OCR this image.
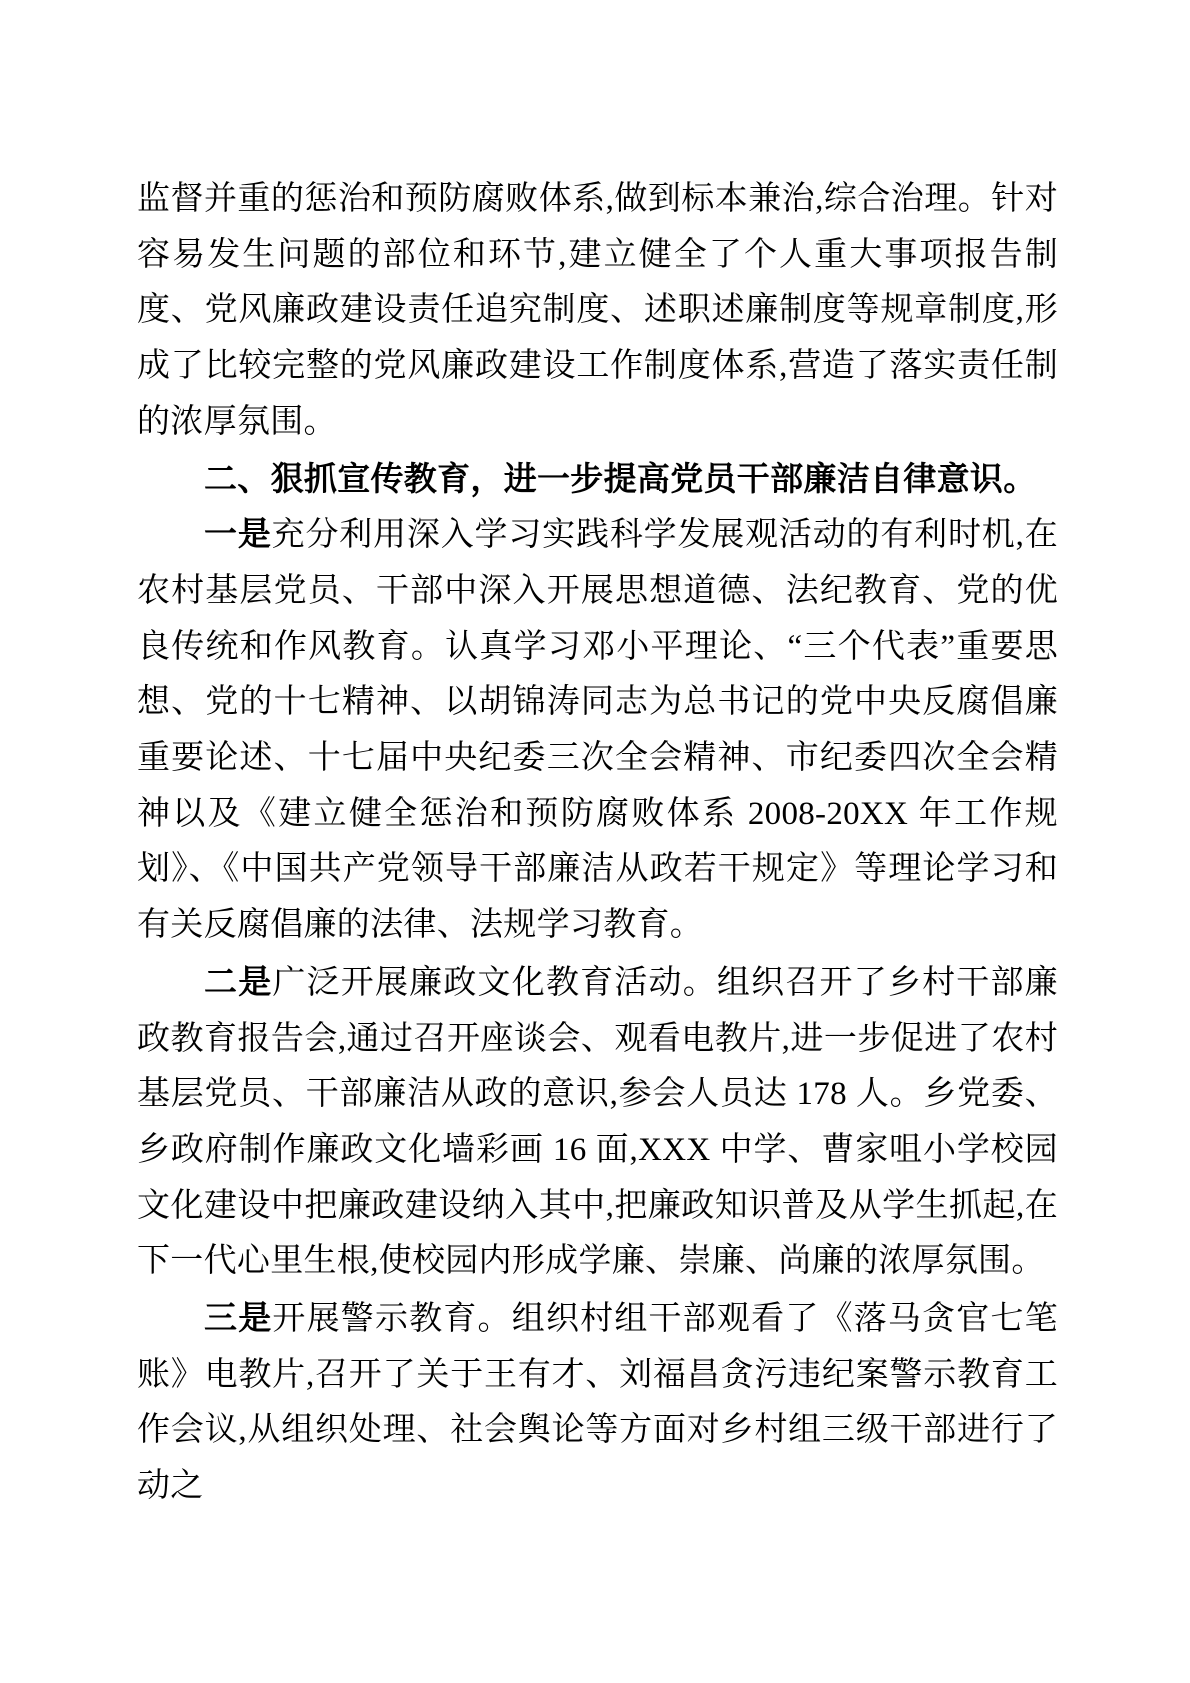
监督并重的惩治和预防腐败体系,做到标本兼治,综合治理。针对容易发生问题的部位和环节,建立健全了个人重大事项报告制度、党风廉政建设责任追究制度、述职述廉制度等规章制度,形成了比较完整的党风廉政建设工作制度体系,营造了落实责任制的浓厚氛围。

二、狠抓宣传教育，进一步提高党员干部廉洁自律意识。

一是充分利用深入学习实践科学发展观活动的有利时机,在农村基层党员、干部中深入开展思想道德、法纪教育、党的优良传统和作风教育。认真学习邓小平理论、“三个代表”重要思想、党的十七精神、以胡锦涛同志为总书记的党中央反腐倡廉重要论述、十七届中央纪委三次全会精神、市纪委四次全会精神以及《建立健全惩治和预防腐败体系 2008-20XX 年工作规划》、《中国共产党领导干部廉洁从政若干规定》等理论学习和有关反腐倡廉的法律、法规学习教育。

二是广泛开展廉政文化教育活动。组织召开了乡村干部廉政教育报告会,通过召开座谈会、观看电教片,进一步促进了农村基层党员、干部廉洁从政的意识,参会人员达 178 人。乡党委、乡政府制作廉政文化墙彩画 16 面,XXX 中学、曹家咀小学校园文化建设中把廉政建设纳入其中,把廉政知识普及从学生抓起,在下一代心里生根,使校园内形成学廉、崇廉、尚廉的浓厚氛围。

三是开展警示教育。组织村组干部观看了《落马贪官七笔账》电教片,召开了关于王有才、刘福昌贪污违纪案警示教育工作会议,从组织处理、社会舆论等方面对乡村组三级干部进行了动之
